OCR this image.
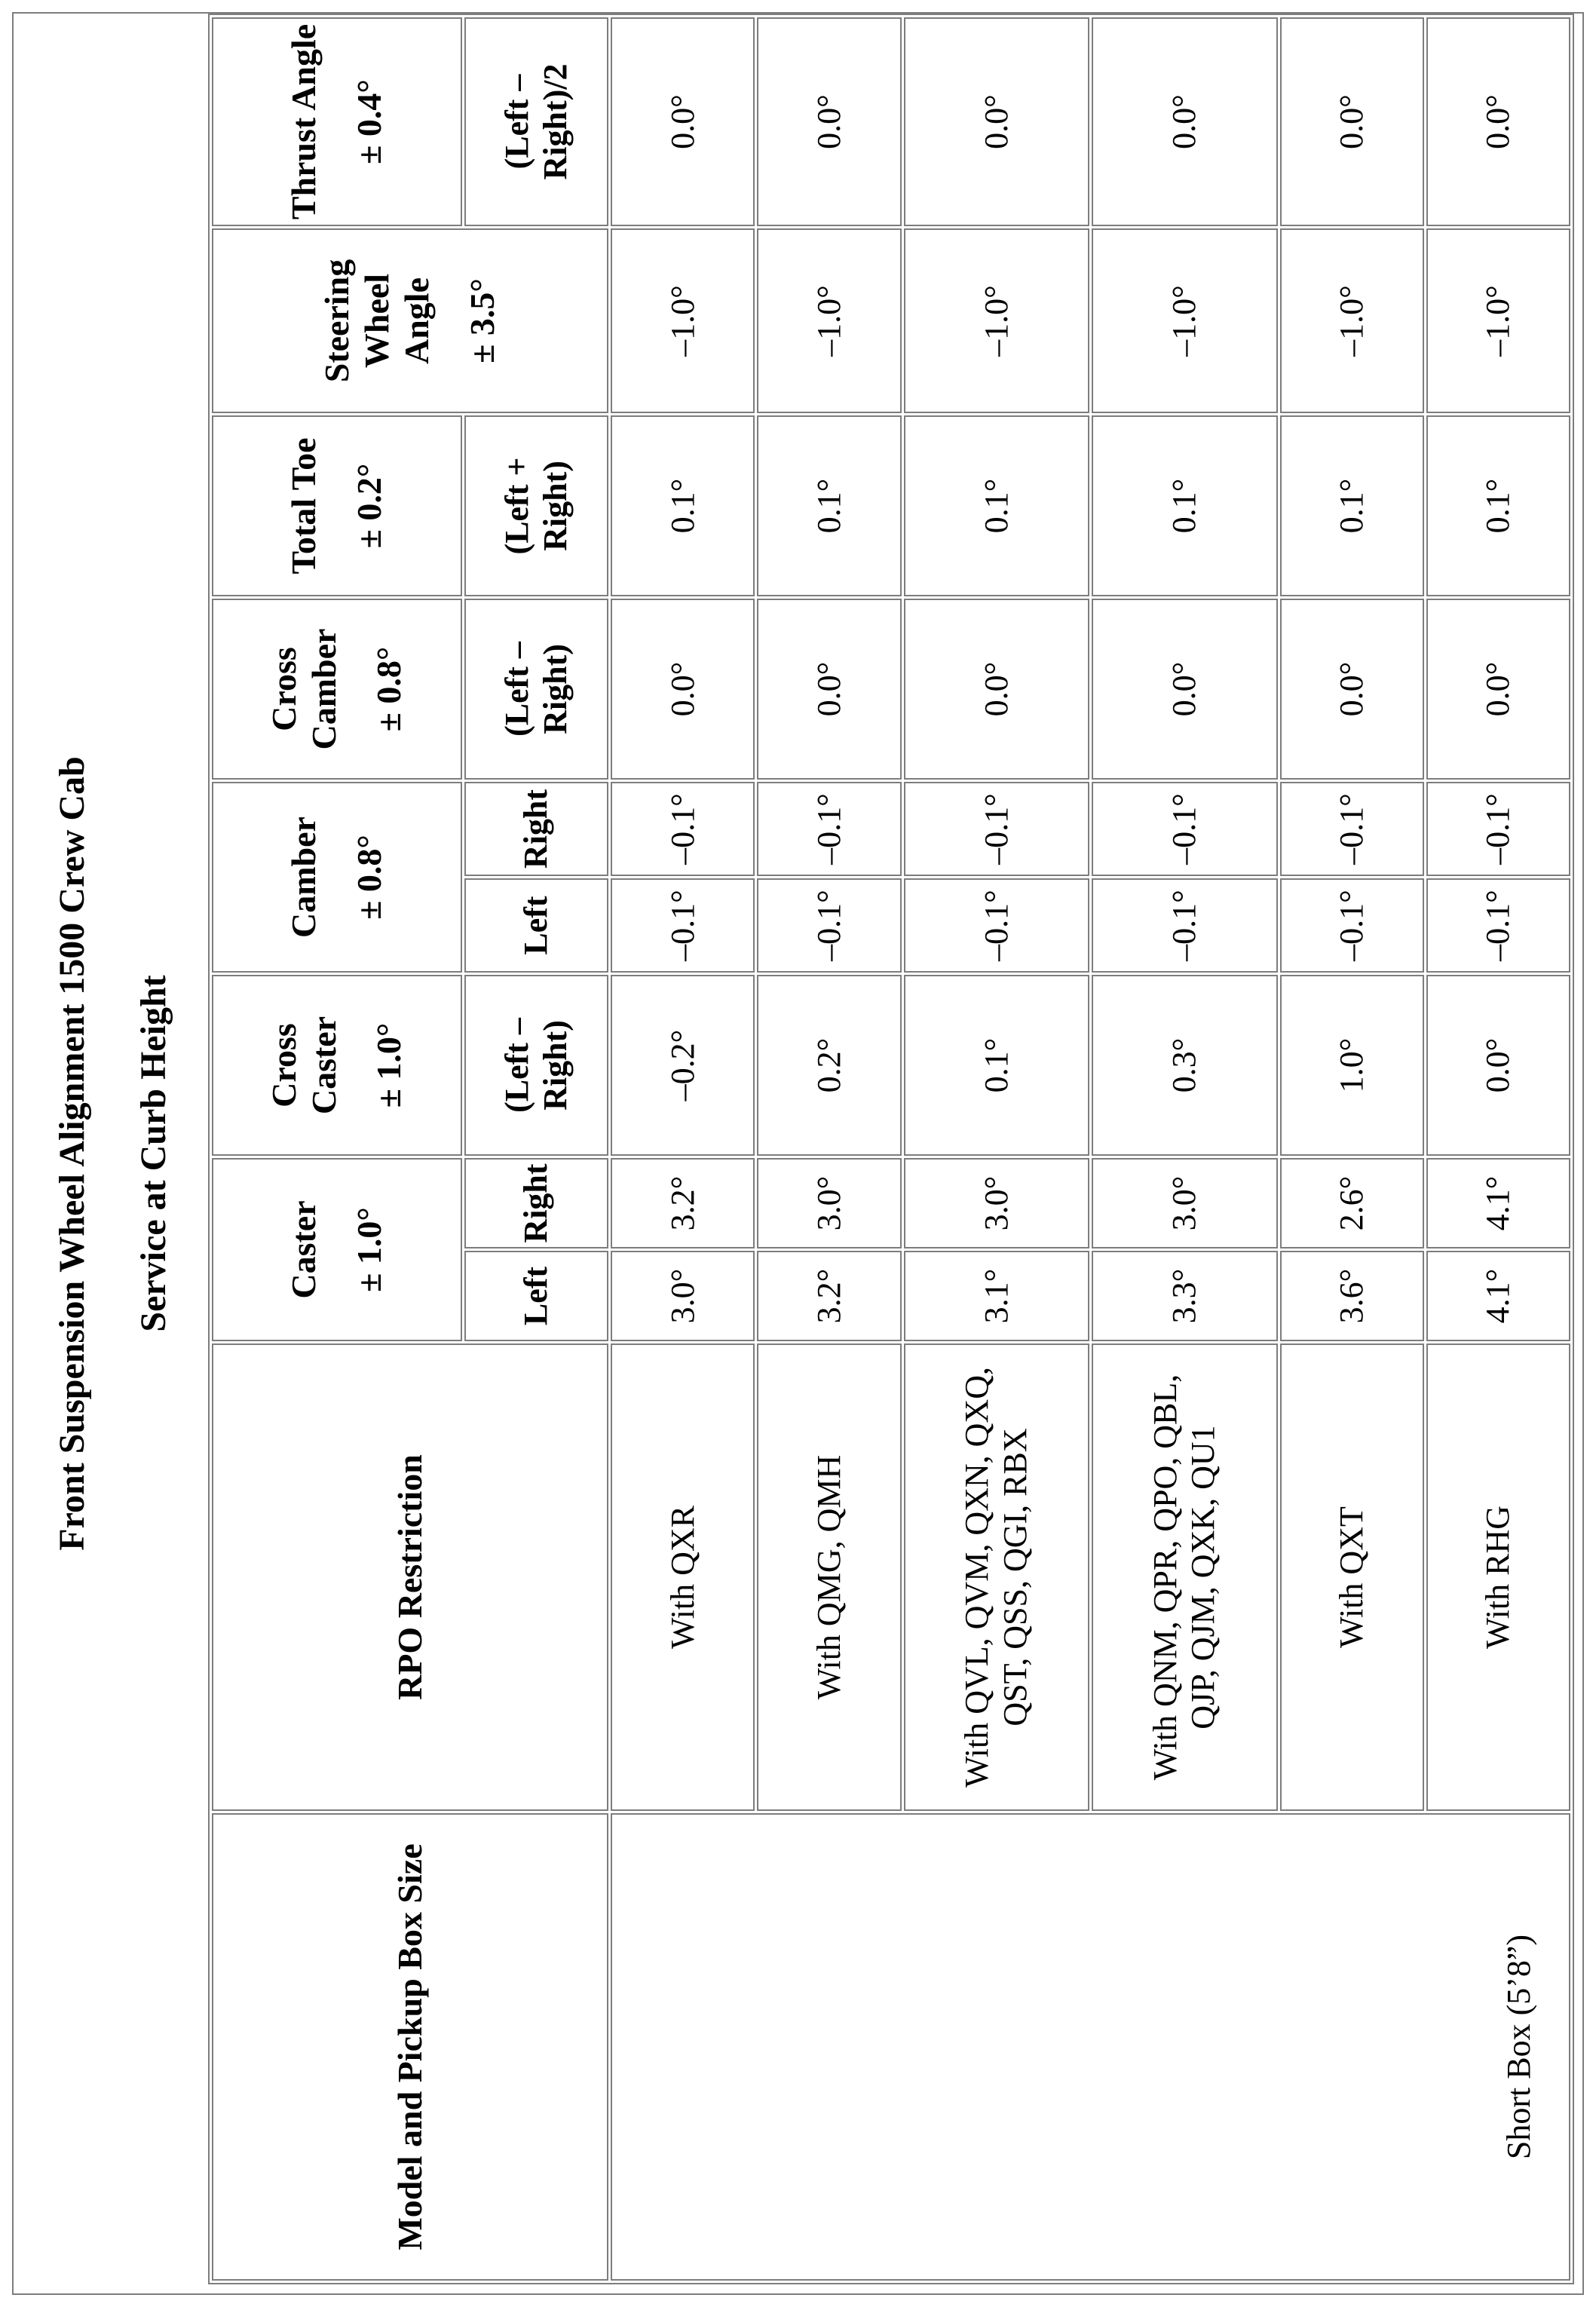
Front Suspension Wheel Alignment 1500 Crew Cab Service at Curb Height
Model and Pickup Box Size	RPO Restriction	Caster ± 1.0°		Cross Caster ± 1.0°	Camber ± 0.8°		Cross Camber ± 0.8°	Total Toe ± 0.2°	Steering Wheel Angle ± 3.5°	Thrust Angle ± 0.4°

		Left	Right	(Left – Right)	Left	Right	(Left – Right)	(Left + Right)		(Left – Right)/2
Short Box (5’8”)	With QXR	3.0°	3.2°	–0.2°	–0.1°	–0.1°	0.0°	0.1°	–1.0°	0.0°
	With QMG, QMH	3.2°	3.0°	0.2°	–0.1°	–0.1°	0.0°	0.1°	–1.0°	0.0°
	With QVL, QVM, QXN, QXQ, QST, QSS, QGI, RBX	3.1°	3.0°	0.1°	–0.1°	–0.1°	0.0°	0.1°	–1.0°	0.0°
	With QNM, QPR, QPO, QBL, QJP, QJM, QXK, QU1	3.3°	3.0°	0.3°	–0.1°	–0.1°	0.0°	0.1°	–1.0°	0.0°
	With QXT	3.6°	2.6°	1.0°	–0.1°	–0.1°	0.0°	0.1°	–1.0°	0.0°
	With RHG	4.1°	4.1°	0.0°	–0.1°	–0.1°	0.0°	0.1°	–1.0°	0.0°
